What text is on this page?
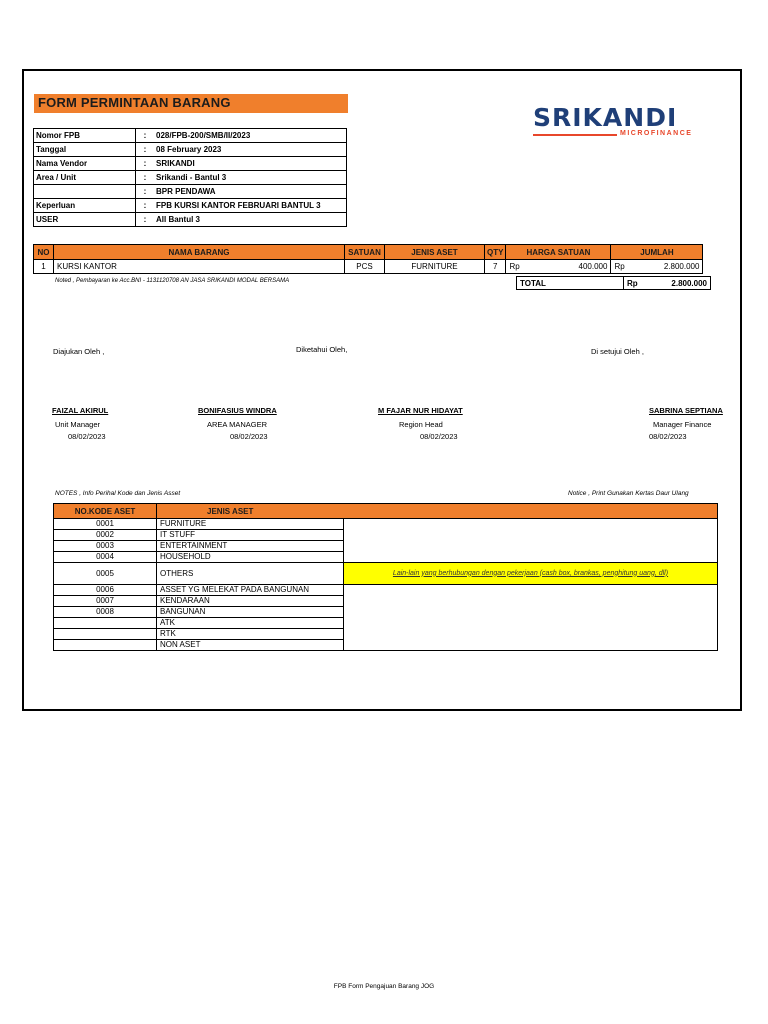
FORM PERMINTAAN BARANG
Nomor FPB	:	028/FPB-200/SMB/II/2023
Tanggal	:	08 February 2023
Nama Vendor	:	SRIKANDI
Area / Unit	:	Srikandi - Bantul 3
	:	BPR PENDAWA
Keperluan	:	FPB KURSI KANTOR FEBRUARI BANTUL 3
USER	:	All Bantul 3
SRIKANDI
MICROFINANCE
NO	NAMA BARANG	SATUAN	JENIS ASET	QTY	HARGA SATUAN		JUMLAH	
1	KURSI KANTOR	PCS	FURNITURE	7	Rp	400.000	Rp	2.800.000
Noted , Pembayaran ke Acc.BNI - 1131120708 AN JASA SRIKANDI MODAL BERSAMA	TOTAL	Rp	2.800.000
Diajukan Oleh ,	Diketahui Oleh,	Di setujui Oleh ,
FAIZAL AKIRUL
Unit Manager
08/02/2023
BONIFASIUS WINDRA
AREA MANAGER
08/02/2023
M FAJAR NUR HIDAYAT
Region Head
08/02/2023
SABRINA SEPTIANA
Manager Finance
08/02/2023
NOTES , Info Perihal Kode dan Jenis Asset	Notice , Print Gunakan Kertas Daur Ulang
NO.KODE ASET	JENIS ASET	
0001	FURNITURE	
0002	IT STUFF	
0003	ENTERTAINMENT	
0004	HOUSEHOLD	
0005	OTHERS	Lain-lain yang berhubungan dengan pekerjaan (cash box, brankas, penghitung uang, dll)
0006	ASSET YG MELEKAT PADA BANGUNAN	
0007	KENDARAAN	
0008	BANGUNAN	
	ATK	
	RTK	
	NON ASET	
FPB Form Pengajuan Barang JOG
